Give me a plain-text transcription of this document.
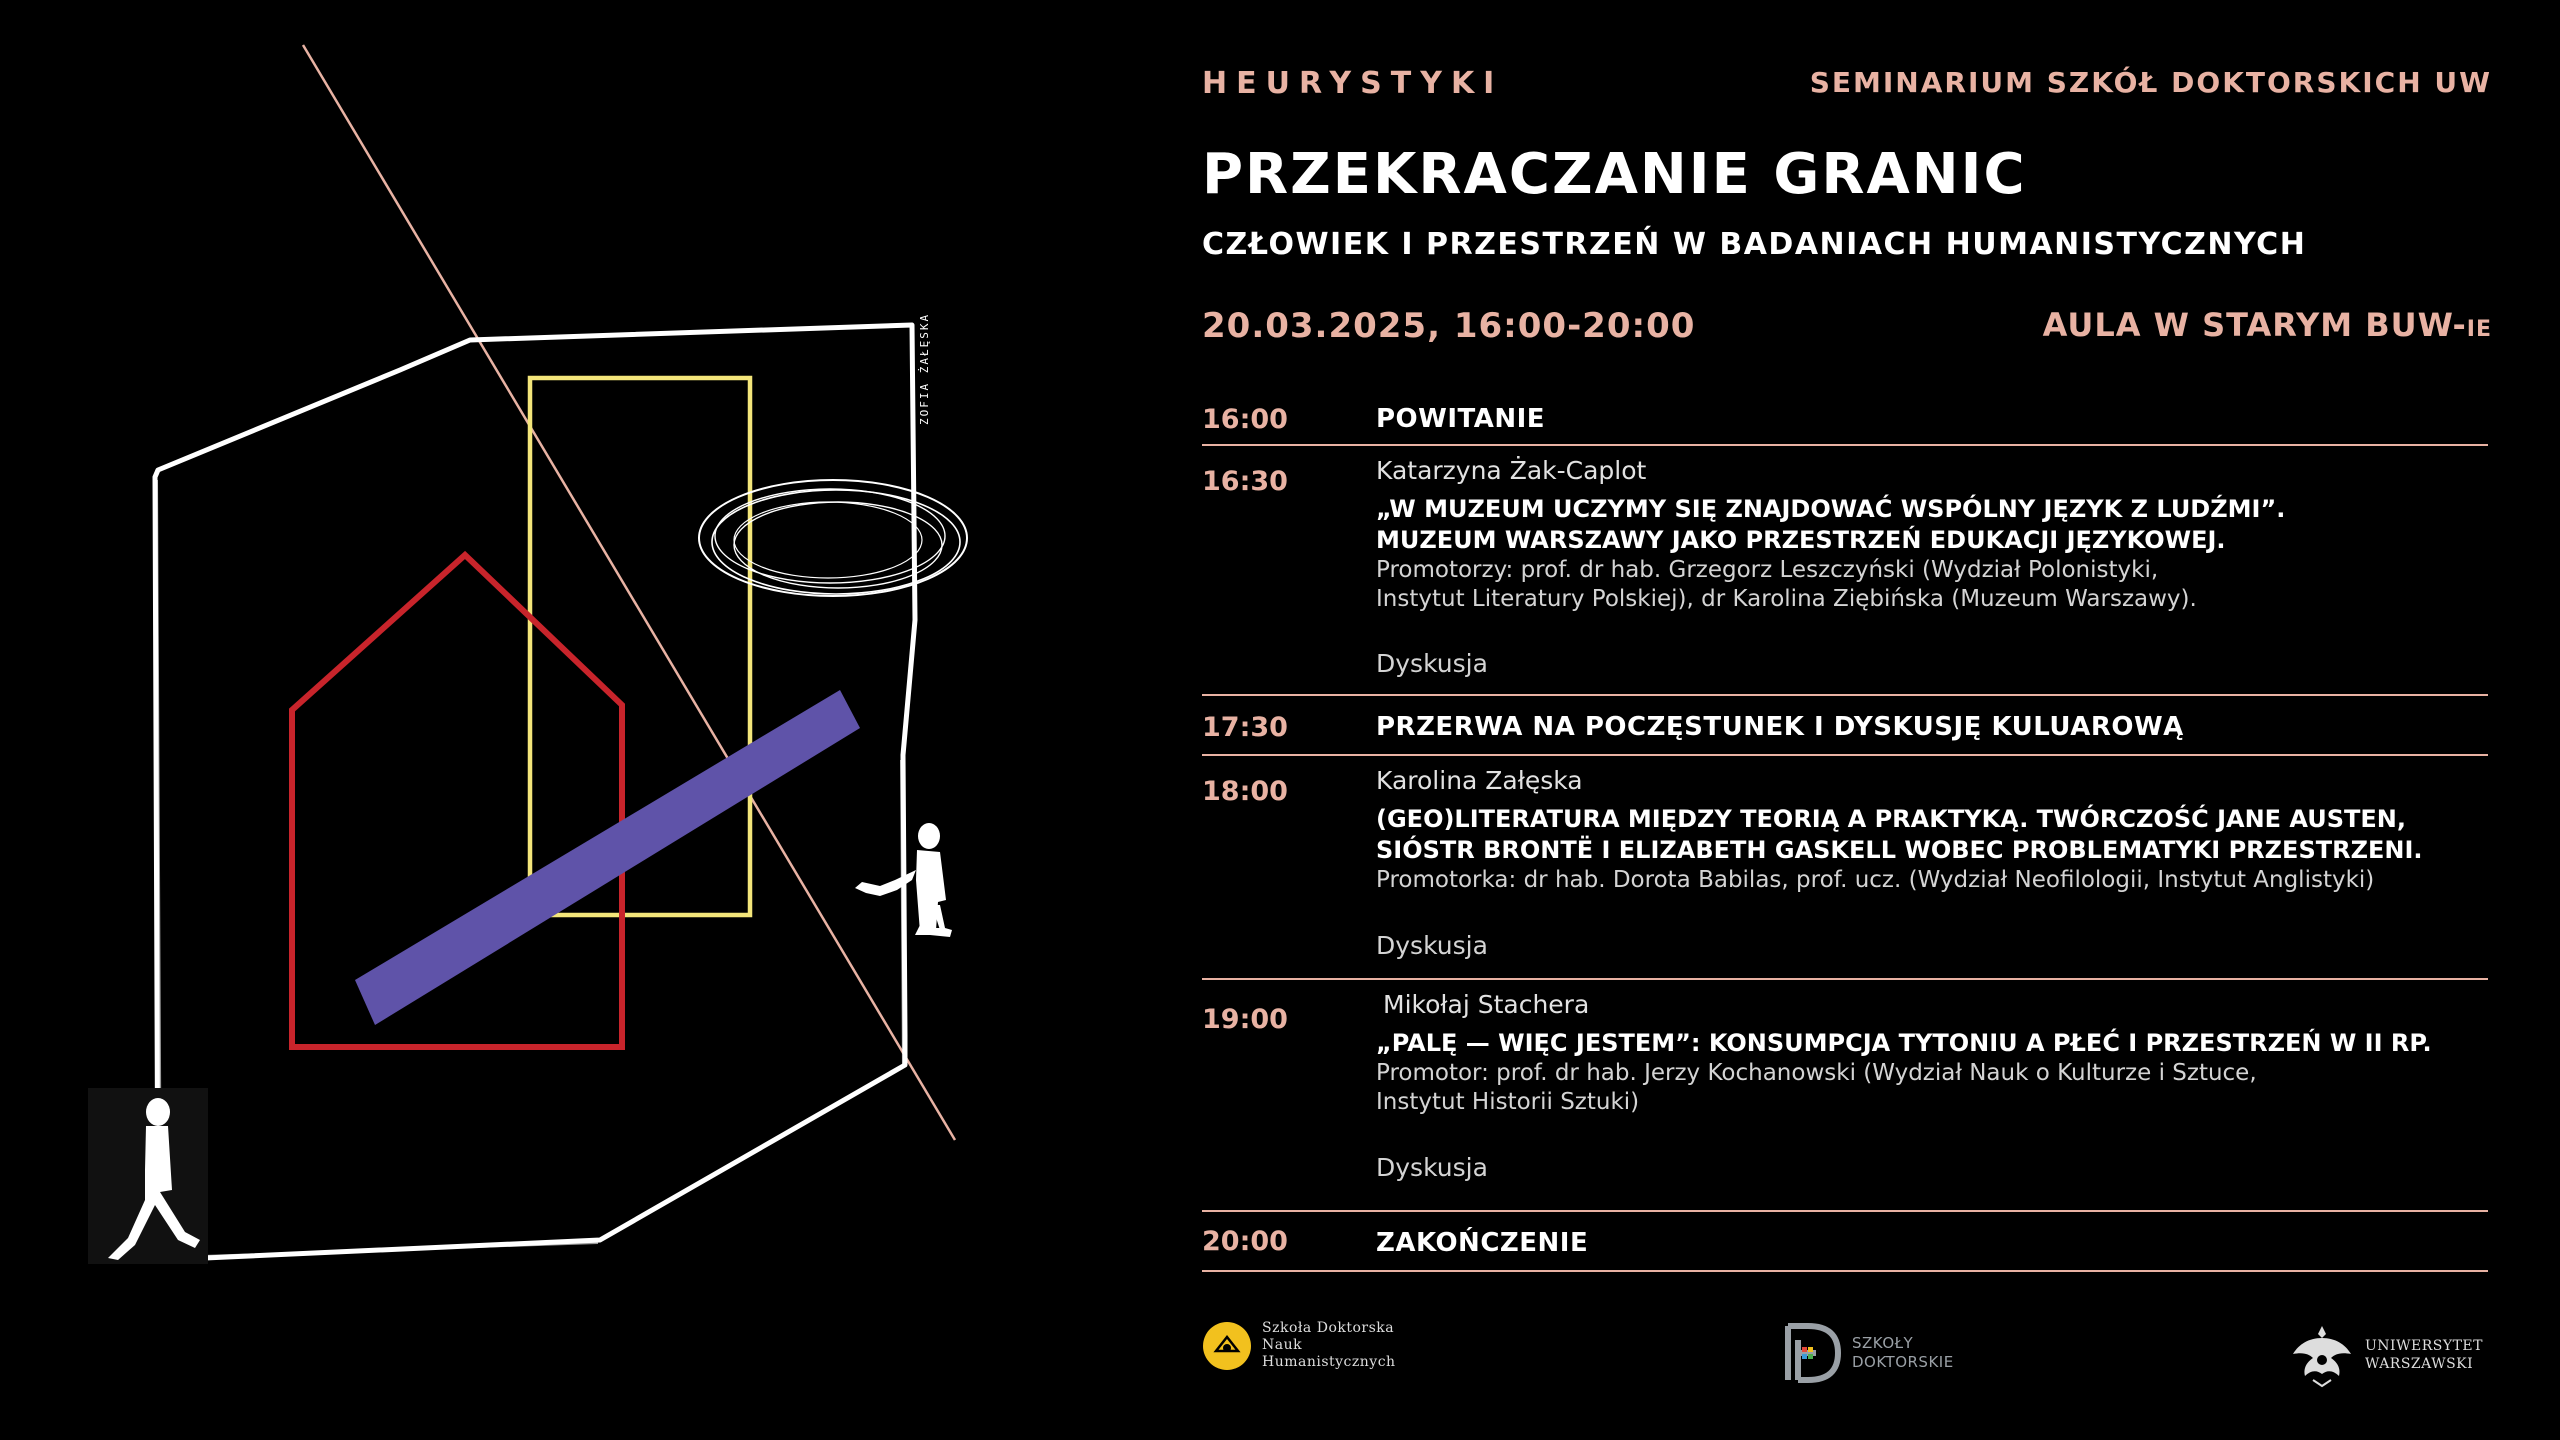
ZOFIA ŻAŁĘSKA
HEURYSTYKI	SEMINARIUM SZKÓŁ DOKTORSKICH UW
PRZEKRACZANIE GRANIC
CZŁOWIEK I PRZESTRZEŃ W BADANIACH HUMANISTYCZNYCH
20.03.2025, 16:00-20:00	AULA W STARYM BUW-IE
16:00	POWITANIE
16:30	Katarzyna Żak-Caplot
„W MUZEUM UCZYMY SIĘ ZNAJDOWAĆ WSPÓLNY JĘZYK Z LUDŹMI”.
MUZEUM WARSZAWY JAKO PRZESTRZEŃ EDUKACJI JĘZYKOWEJ.
Promotorzy: prof. dr hab. Grzegorz Leszczyński (Wydział Polonistyki,
Instytut Literatury Polskiej), dr Karolina Ziębińska (Muzeum Warszawy).
Dyskusja
17:30	PRZERWA NA POCZĘSTUNEK I DYSKUSJĘ KULUAROWĄ
18:00	Karolina Załęska
(GEO)LITERATURA MIĘDZY TEORIĄ A PRAKTYKĄ. TWÓRCZOŚĆ JANE AUSTEN,
SIÓSTR BRONTË I ELIZABETH GASKELL WOBEC PROBLEMATYKI PRZESTRZENI.
Promotorka: dr hab. Dorota Babilas, prof. ucz. (Wydział Neofilologii, Instytut Anglistyki)
Dyskusja
19:00	Mikołaj Stachera
„PALĘ — WIĘC JESTEM”: KONSUMPCJA TYTONIU A PŁEĆ I PRZESTRZEŃ W II RP.
Promotor: prof. dr hab. Jerzy Kochanowski (Wydział Nauk o Kulturze i Sztuce,
Instytut Historii Sztuki)
Dyskusja
20:00	ZAKOŃCZENIE
Szkoła Doktorska
Nauk
Humanistycznych
SZKOŁY
DOKTORSKIE
UNIWERSYTET
WARSZAWSKI
